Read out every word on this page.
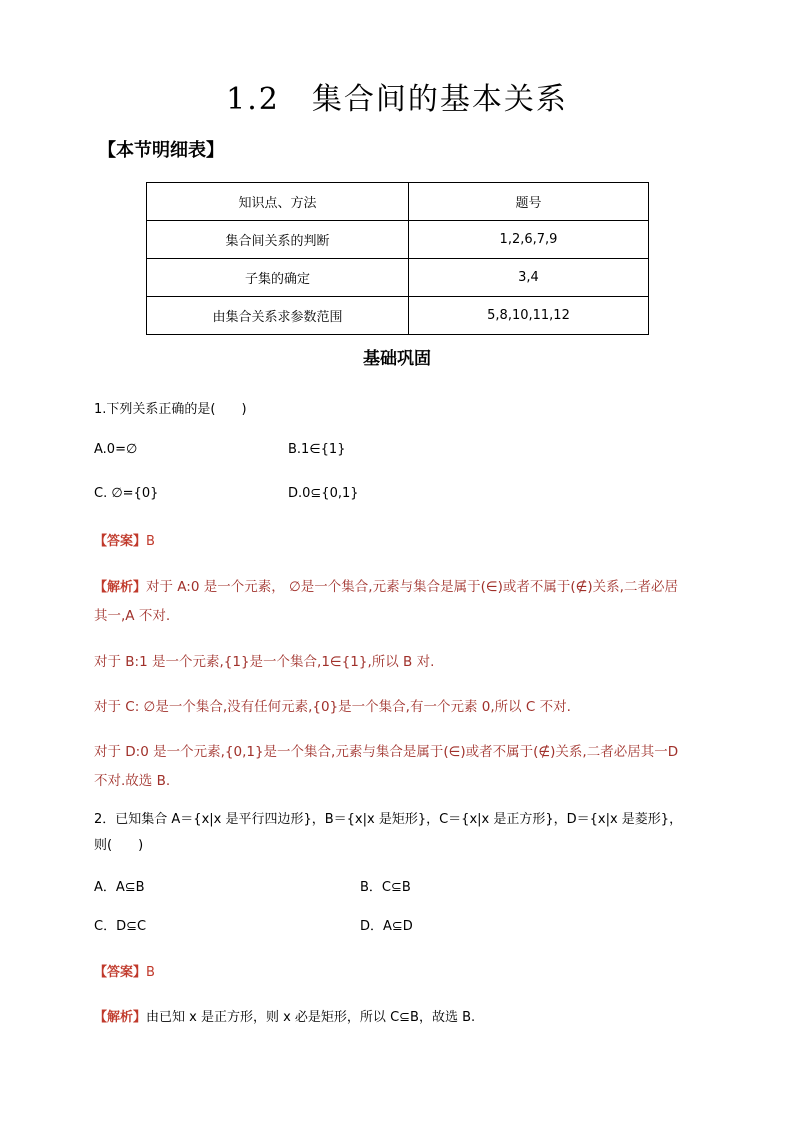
1.2　集合间的基本关系
【本节明细表】
知识点、方法	题号
集合间关系的判断	1,2,6,7,9
子集的确定	3,4
由集合关系求参数范围	5,8,10,11,12
基础巩固
1.下列关系正确的是(　　)
A.0=∅	B.1∈{1}
C. ∅={0}	D.0⊆{0,1}
【答案】B
【解析】对于 A:0 是一个元素， ∅是一个集合,元素与集合是属于(∈)或者不属于(∉)关系,二者必居
其一,A 不对.
对于 B:1 是一个元素,{1}是一个集合,1∈{1},所以 B 对.
对于 C: ∅是一个集合,没有任何元素,{0}是一个集合,有一个元素 0,所以 C 不对.
对于 D:0 是一个元素,{0,1}是一个集合,元素与集合是属于(∈)或者不属于(∉)关系,二者必居其一D
不对.故选 B.
2．已知集合 A＝{x|x 是平行四边形}，B＝{x|x 是矩形}，C＝{x|x 是正方形}，D＝{x|x 是菱形}，
则(　　)
A．A⊆B	B．C⊆B
C．D⊆C	D．A⊆D
【答案】B
【解析】由已知 x 是正方形，则 x 必是矩形，所以 C⊆B，故选 B.
